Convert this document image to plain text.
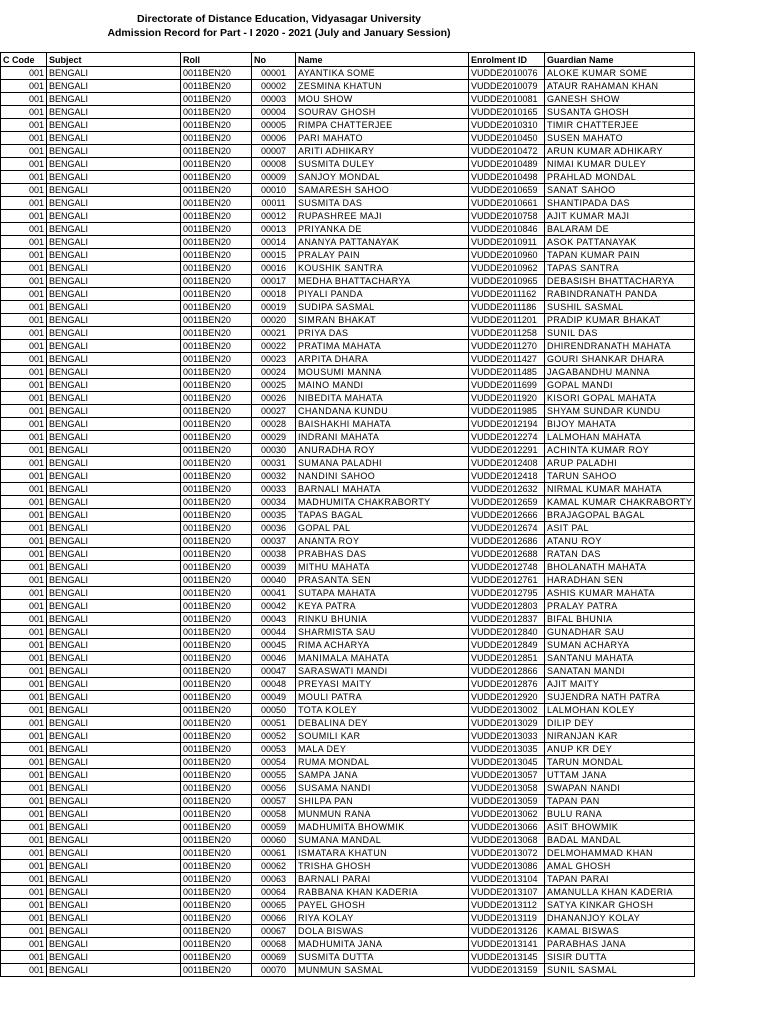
Directorate of Distance Education, Vidyasagar University
Admission Record for Part - I 2020 - 2021 (July and January Session)
C Code	Subject	Roll	No	Name	Enrolment ID	Guardian Name
001	BENGALI	0011BEN20	00001	AYANTIKA SOME	VUDDE2010076	ALOKE KUMAR SOME
001	BENGALI	0011BEN20	00002	ZESMINA KHATUN	VUDDE2010079	ATAUR RAHAMAN KHAN
001	BENGALI	0011BEN20	00003	MOU SHOW	VUDDE2010081	GANESH SHOW
001	BENGALI	0011BEN20	00004	SOURAV GHOSH	VUDDE2010165	SUSANTA GHOSH
001	BENGALI	0011BEN20	00005	RIMPA CHATTERJEE	VUDDE2010310	TIMIR CHATTERJEE
001	BENGALI	0011BEN20	00006	PARI MAHATO	VUDDE2010450	SUSEN MAHATO
001	BENGALI	0011BEN20	00007	ARITI ADHIKARY	VUDDE2010472	ARUN KUMAR ADHIKARY
001	BENGALI	0011BEN20	00008	SUSMITA DULEY	VUDDE2010489	NIMAI KUMAR DULEY
001	BENGALI	0011BEN20	00009	SANJOY MONDAL	VUDDE2010498	PRAHLAD MONDAL
001	BENGALI	0011BEN20	00010	SAMARESH SAHOO	VUDDE2010659	SANAT SAHOO
001	BENGALI	0011BEN20	00011	SUSMITA DAS	VUDDE2010661	SHANTIPADA DAS
001	BENGALI	0011BEN20	00012	RUPASHREE MAJI	VUDDE2010758	AJIT KUMAR MAJI
001	BENGALI	0011BEN20	00013	PRIYANKA DE	VUDDE2010846	BALARAM DE
001	BENGALI	0011BEN20	00014	ANANYA PATTANAYAK	VUDDE2010911	ASOK PATTANAYAK
001	BENGALI	0011BEN20	00015	PRALAY PAIN	VUDDE2010960	TAPAN KUMAR PAIN
001	BENGALI	0011BEN20	00016	KOUSHIK SANTRA	VUDDE2010962	TAPAS SANTRA
001	BENGALI	0011BEN20	00017	MEDHA BHATTACHARYA	VUDDE2010965	DEBASISH BHATTACHARYA
001	BENGALI	0011BEN20	00018	PIYALI PANDA	VUDDE2011162	RABINDRANATH PANDA
001	BENGALI	0011BEN20	00019	SUDIPA SASMAL	VUDDE2011186	SUSHIL SASMAL
001	BENGALI	0011BEN20	00020	SIMRAN BHAKAT	VUDDE2011201	PRADIP KUMAR BHAKAT
001	BENGALI	0011BEN20	00021	PRIYA DAS	VUDDE2011258	SUNIL DAS
001	BENGALI	0011BEN20	00022	PRATIMA MAHATA	VUDDE2011270	DHIRENDRANATH MAHATA
001	BENGALI	0011BEN20	00023	ARPITA DHARA	VUDDE2011427	GOURI SHANKAR DHARA
001	BENGALI	0011BEN20	00024	MOUSUMI MANNA	VUDDE2011485	JAGABANDHU MANNA
001	BENGALI	0011BEN20	00025	MAINO MANDI	VUDDE2011699	GOPAL MANDI
001	BENGALI	0011BEN20	00026	NIBEDITA MAHATA	VUDDE2011920	KISORI GOPAL MAHATA
001	BENGALI	0011BEN20	00027	CHANDANA KUNDU	VUDDE2011985	SHYAM SUNDAR KUNDU
001	BENGALI	0011BEN20	00028	BAISHAKHI MAHATA	VUDDE2012194	BIJOY MAHATA
001	BENGALI	0011BEN20	00029	INDRANI MAHATA	VUDDE2012274	LALMOHAN MAHATA
001	BENGALI	0011BEN20	00030	ANURADHA ROY	VUDDE2012291	ACHINTA KUMAR ROY
001	BENGALI	0011BEN20	00031	SUMANA PALADHI	VUDDE2012408	ARUP PALADHI
001	BENGALI	0011BEN20	00032	NANDINI SAHOO	VUDDE2012418	TARUN SAHOO
001	BENGALI	0011BEN20	00033	BARNALI MAHATA	VUDDE2012632	NIRMAL KUMAR MAHATA
001	BENGALI	0011BEN20	00034	MADHUMITA CHAKRABORTY	VUDDE2012659	KAMAL KUMAR CHAKRABORTY
001	BENGALI	0011BEN20	00035	TAPAS BAGAL	VUDDE2012666	BRAJAGOPAL BAGAL
001	BENGALI	0011BEN20	00036	GOPAL PAL	VUDDE2012674	ASIT PAL
001	BENGALI	0011BEN20	00037	ANANTA ROY	VUDDE2012686	ATANU ROY
001	BENGALI	0011BEN20	00038	PRABHAS DAS	VUDDE2012688	RATAN DAS
001	BENGALI	0011BEN20	00039	MITHU MAHATA	VUDDE2012748	BHOLANATH MAHATA
001	BENGALI	0011BEN20	00040	PRASANTA SEN	VUDDE2012761	HARADHAN SEN
001	BENGALI	0011BEN20	00041	SUTAPA MAHATA	VUDDE2012795	ASHIS KUMAR MAHATA
001	BENGALI	0011BEN20	00042	KEYA PATRA	VUDDE2012803	PRALAY PATRA
001	BENGALI	0011BEN20	00043	RINKU BHUNIA	VUDDE2012837	BIFAL BHUNIA
001	BENGALI	0011BEN20	00044	SHARMISTA SAU	VUDDE2012840	GUNADHAR SAU
001	BENGALI	0011BEN20	00045	RIMA ACHARYA	VUDDE2012849	SUMAN ACHARYA
001	BENGALI	0011BEN20	00046	MANIMALA MAHATA	VUDDE2012851	SANTANU MAHATA
001	BENGALI	0011BEN20	00047	SARASWATI MANDI	VUDDE2012866	SANATAN MANDI
001	BENGALI	0011BEN20	00048	PREYASI MAITY	VUDDE2012876	AJIT MAITY
001	BENGALI	0011BEN20	00049	MOULI PATRA	VUDDE2012920	SUJENDRA NATH PATRA
001	BENGALI	0011BEN20	00050	TOTA KOLEY	VUDDE2013002	LALMOHAN KOLEY
001	BENGALI	0011BEN20	00051	DEBALINA DEY	VUDDE2013029	DILIP DEY
001	BENGALI	0011BEN20	00052	SOUMILI KAR	VUDDE2013033	NIRANJAN KAR
001	BENGALI	0011BEN20	00053	MALA DEY	VUDDE2013035	ANUP KR DEY
001	BENGALI	0011BEN20	00054	RUMA MONDAL	VUDDE2013045	TARUN MONDAL
001	BENGALI	0011BEN20	00055	SAMPA JANA	VUDDE2013057	UTTAM JANA
001	BENGALI	0011BEN20	00056	SUSAMA NANDI	VUDDE2013058	SWAPAN NANDI
001	BENGALI	0011BEN20	00057	SHILPA PAN	VUDDE2013059	TAPAN PAN
001	BENGALI	0011BEN20	00058	MUNMUN RANA	VUDDE2013062	BULU RANA
001	BENGALI	0011BEN20	00059	MADHUMITA BHOWMIK	VUDDE2013066	ASIT BHOWMIK
001	BENGALI	0011BEN20	00060	SUMANA MANDAL	VUDDE2013068	BADAL MANDAL
001	BENGALI	0011BEN20	00061	ISMATARA KHATUN	VUDDE2013072	DELMOHAMMAD KHAN
001	BENGALI	0011BEN20	00062	TRISHA GHOSH	VUDDE2013086	AMAL GHOSH
001	BENGALI	0011BEN20	00063	BARNALI PARAI	VUDDE2013104	TAPAN PARAI
001	BENGALI	0011BEN20	00064	RABBANA KHAN KADERIA	VUDDE2013107	AMANULLA KHAN KADERIA
001	BENGALI	0011BEN20	00065	PAYEL GHOSH	VUDDE2013112	SATYA KINKAR GHOSH
001	BENGALI	0011BEN20	00066	RIYA KOLAY	VUDDE2013119	DHANANJOY KOLAY
001	BENGALI	0011BEN20	00067	DOLA BISWAS	VUDDE2013126	KAMAL BISWAS
001	BENGALI	0011BEN20	00068	MADHUMITA JANA	VUDDE2013141	PARABHAS JANA
001	BENGALI	0011BEN20	00069	SUSMITA DUTTA	VUDDE2013145	SISIR DUTTA
001	BENGALI	0011BEN20	00070	MUNMUN SASMAL	VUDDE2013159	SUNIL SASMAL
